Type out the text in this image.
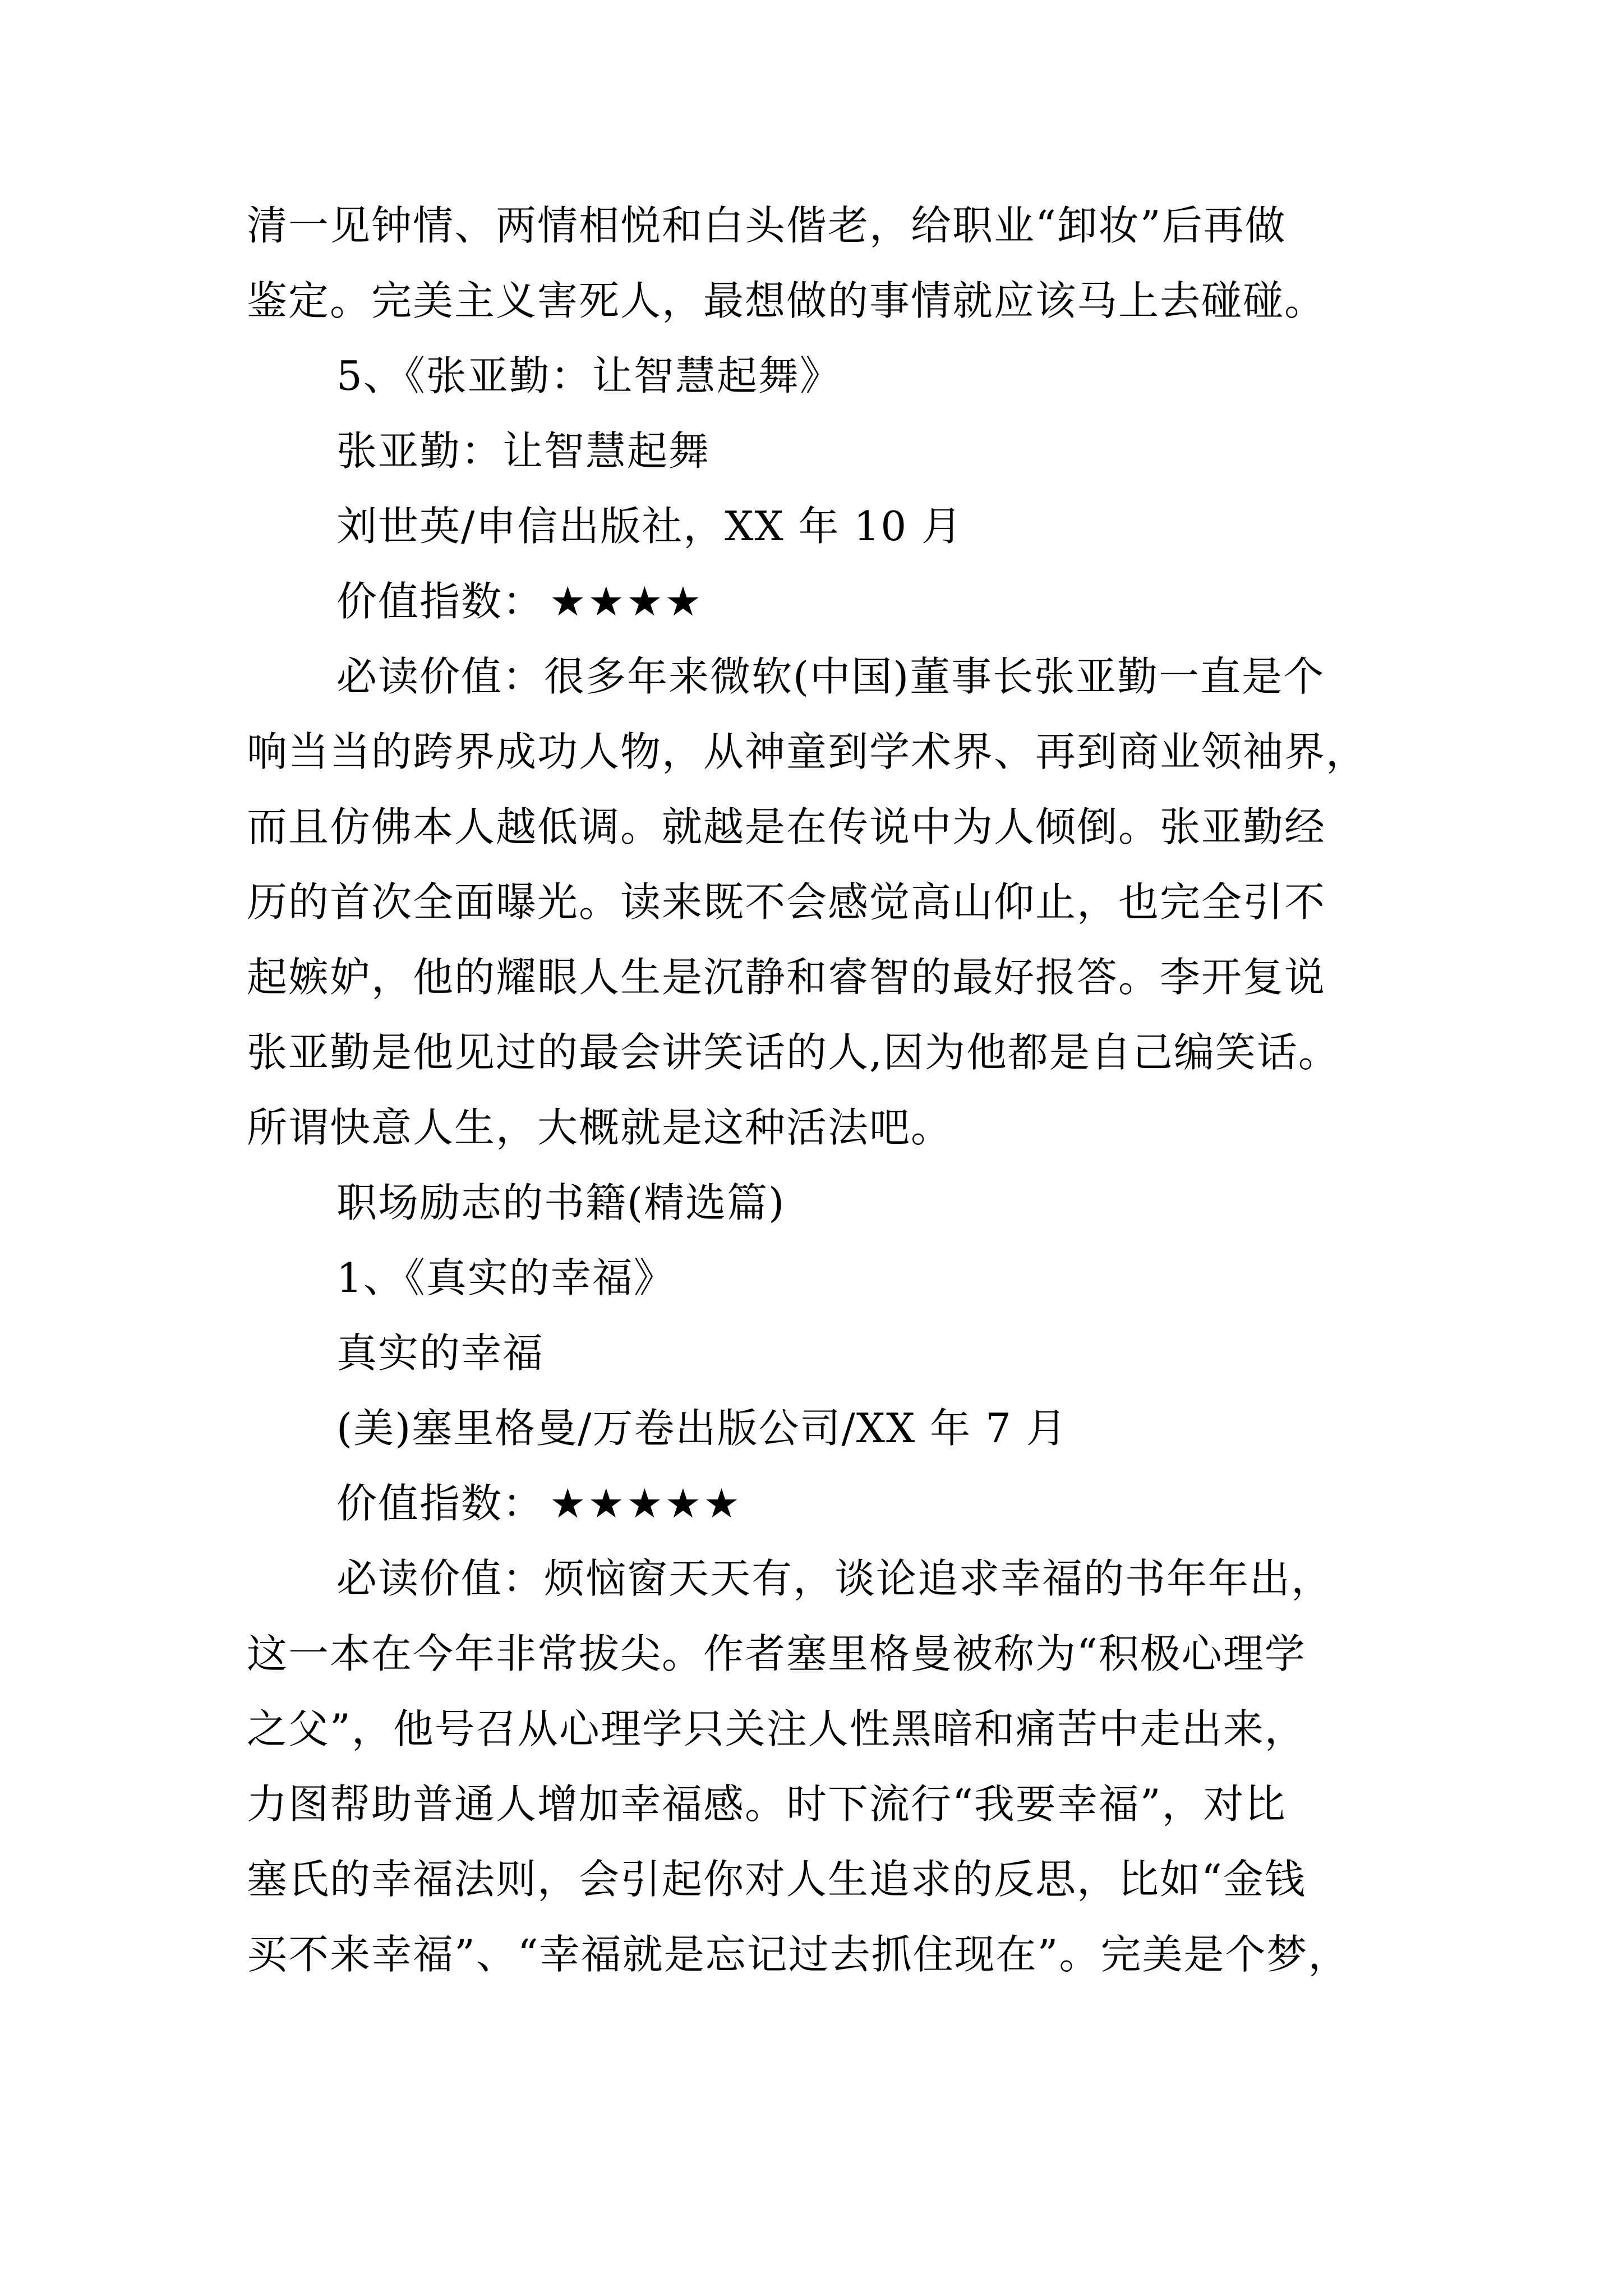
清一见钟情、两情相悦和白头偕老，给职业“卸妆”后再做
鉴定。完美主义害死人，最想做的事情就应该马上去碰碰。
5、《张亚勤：让智慧起舞》
张亚勤：让智慧起舞
刘世英/申信出版社，XX 年 10 月
价值指数： ★★★★
必读价值：很多年来微软(中国)董事长张亚勤一直是个
响当当的跨界成功人物，从神童到学术界、再到商业领袖界，
而且仿佛本人越低调。就越是在传说中为人倾倒。张亚勤经
历的首次全面曝光。读来既不会感觉高山仰止，也完全引不
起嫉妒，他的耀眼人生是沉静和睿智的最好报答。李开复说
张亚勤是他见过的最会讲笑话的人,因为他都是自己编笑话。
所谓快意人生，大概就是这种活法吧。
职场励志的书籍(精选篇)
1、《真实的幸福》
真实的幸福
(美)塞里格曼/万卷出版公司/XX 年 7 月
价值指数： ★★★★★
必读价值：烦恼窗天天有，谈论追求幸福的书年年出，
这一本在今年非常拔尖。作者塞里格曼被称为“积极心理学
之父”，他号召从心理学只关注人性黑暗和痛苦中走出来，
力图帮助普通人增加幸福感。时下流行“我要幸福”，对比
塞氏的幸福法则，会引起你对人生追求的反思，比如“金钱
买不来幸福”、“幸福就是忘记过去抓住现在”。完美是个梦，
